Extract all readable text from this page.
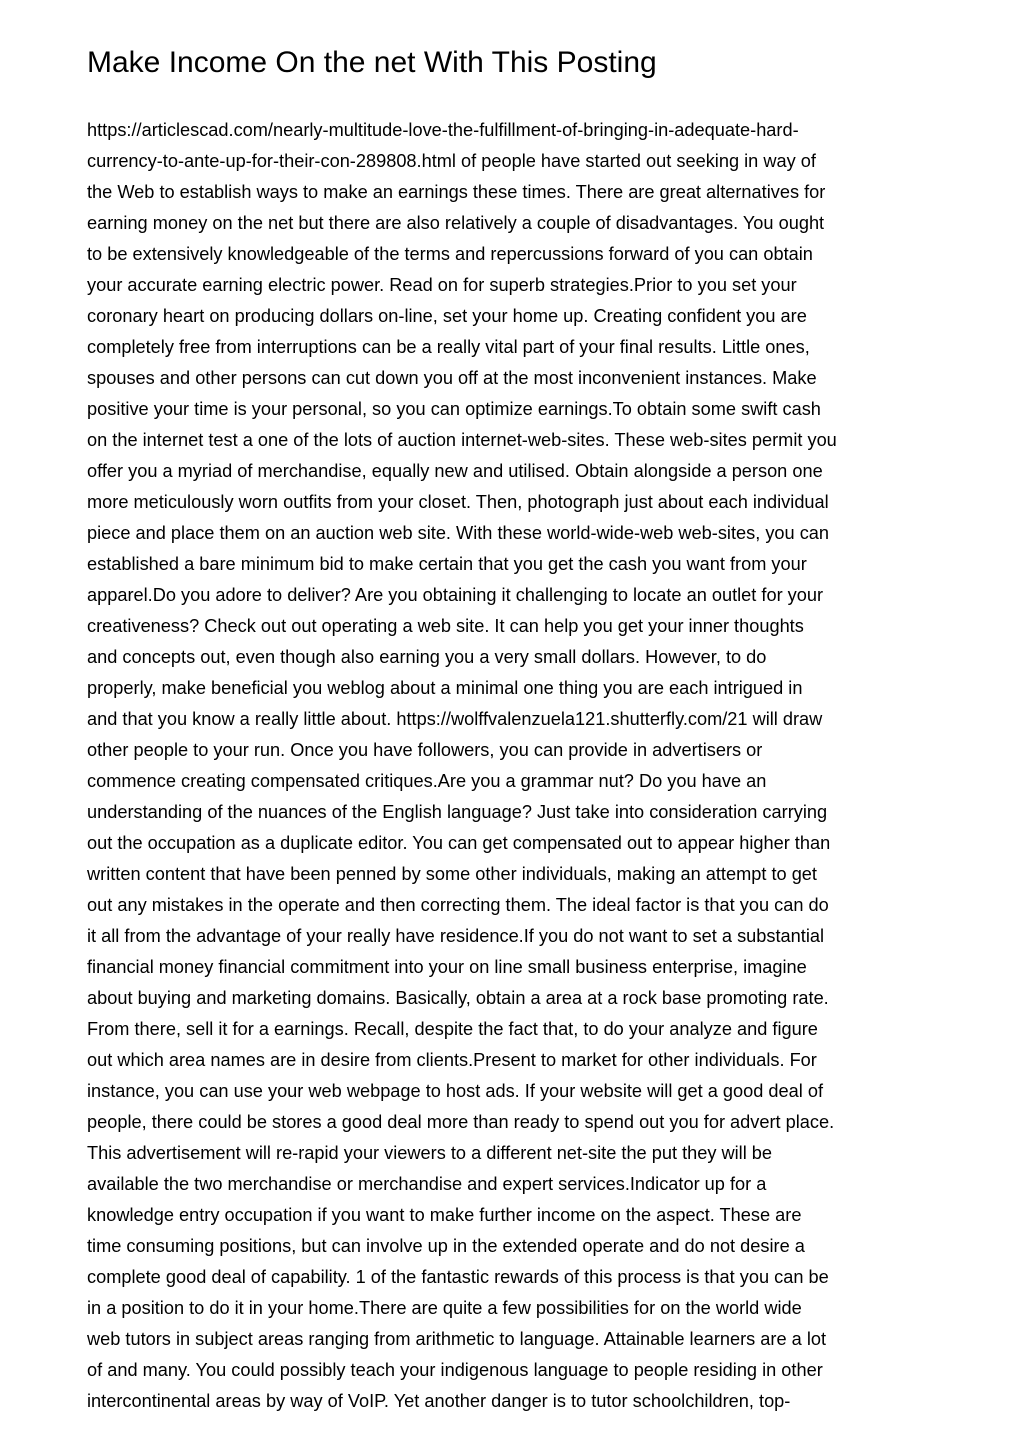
Make Income On the net With This Posting
https://articlescad.com/nearly-multitude-love-the-fulfillment-of-bringing-in-adequate-hard-
currency-to-ante-up-for-their-con-289808.html of people have started out seeking in way of
the Web to establish ways to make an earnings these times. There are great alternatives for
earning money on the net but there are also relatively a couple of disadvantages. You ought
to be extensively knowledgeable of the terms and repercussions forward of you can obtain
your accurate earning electric power. Read on for superb strategies.Prior to you set your
coronary heart on producing dollars on-line, set your home up. Creating confident you are
completely free from interruptions can be a really vital part of your final results. Little ones,
spouses and other persons can cut down you off at the most inconvenient instances. Make
positive your time is your personal, so you can optimize earnings.To obtain some swift cash
on the internet test a one of the lots of auction internet-web-sites. These web-sites permit you
offer you a myriad of merchandise, equally new and utilised. Obtain alongside a person one
more meticulously worn outfits from your closet. Then, photograph just about each individual
piece and place them on an auction web site. With these world-wide-web web-sites, you can
established a bare minimum bid to make certain that you get the cash you want from your
apparel.Do you adore to deliver? Are you obtaining it challenging to locate an outlet for your
creativeness? Check out out operating a web site. It can help you get your inner thoughts
and concepts out, even though also earning you a very small dollars. However, to do
properly, make beneficial you weblog about a minimal one thing you are each intrigued in
and that you know a really little about. https://wolffvalenzuela121.shutterfly.com/21 will draw
other people to your run. Once you have followers, you can provide in advertisers or
commence creating compensated critiques.Are you a grammar nut? Do you have an
understanding of the nuances of the English language? Just take into consideration carrying
out the occupation as a duplicate editor. You can get compensated out to appear higher than
written content that have been penned by some other individuals, making an attempt to get
out any mistakes in the operate and then correcting them. The ideal factor is that you can do
it all from the advantage of your really have residence.If you do not want to set a substantial
financial money financial commitment into your on line small business enterprise, imagine
about buying and marketing domains. Basically, obtain a area at a rock base promoting rate.
From there, sell it for a earnings. Recall, despite the fact that, to do your analyze and figure
out which area names are in desire from clients.Present to market for other individuals. For
instance, you can use your web webpage to host ads. If your website will get a good deal of
people, there could be stores a good deal more than ready to spend out you for advert place.
This advertisement will re-rapid your viewers to a different net-site the put they will be
available the two merchandise or merchandise and expert services.Indicator up for a
knowledge entry occupation if you want to make further income on the aspect. These are
time consuming positions, but can involve up in the extended operate and do not desire a
complete good deal of capability. 1 of the fantastic rewards of this process is that you can be
in a position to do it in your home.There are quite a few possibilities for on the world wide
web tutors in subject areas ranging from arithmetic to language. Attainable learners are a lot
of and many. You could possibly teach your indigenous language to people residing in other
intercontinental areas by way of VoIP. Yet another danger is to tutor schoolchildren, top-
